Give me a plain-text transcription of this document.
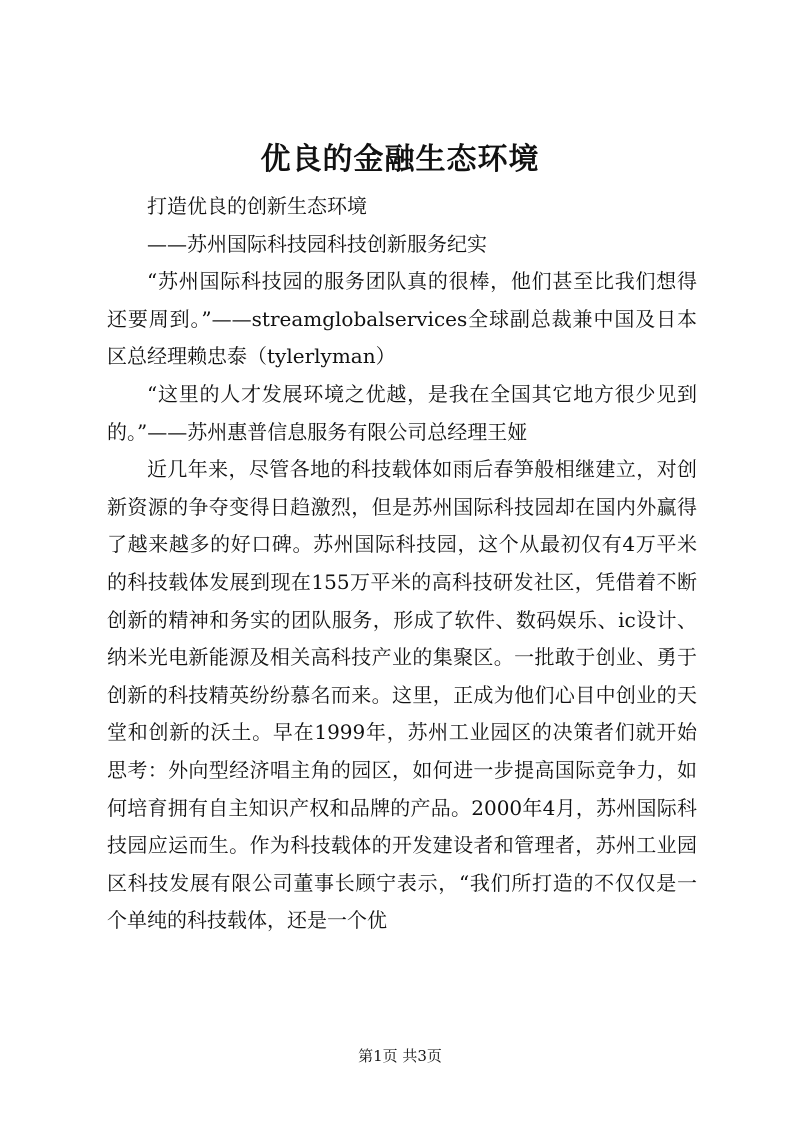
优良的金融生态环境

打造优良的创新生态环境

——苏州国际科技园科技创新服务纪实

“苏州国际科技园的服务团队真的很棒，他们甚至比我们想得还要周到。”——streamglobalservices全球副总裁兼中国及日本区总经理赖忠泰（tylerlyman）

“这里的人才发展环境之优越，是我在全国其它地方很少见到的。”——苏州惠普信息服务有限公司总经理王娅

近几年来，尽管各地的科技载体如雨后春笋般相继建立，对创新资源的争夺变得日趋激烈，但是苏州国际科技园却在国内外赢得了越来越多的好口碑。苏州国际科技园，这个从最初仅有4万平米的科技载体发展到现在155万平米的高科技研发社区，凭借着不断创新的精神和务实的团队服务，形成了软件、数码娱乐、ic设计、纳米光电新能源及相关高科技产业的集聚区。一批敢于创业、勇于创新的科技精英纷纷慕名而来。这里，正成为他们心目中创业的天堂和创新的沃土。早在1999年，苏州工业园区的决策者们就开始思考：外向型经济唱主角的园区，如何进一步提高国际竞争力，如何培育拥有自主知识产权和品牌的产品。2000年4月，苏州国际科技园应运而生。作为科技载体的开发建设者和管理者，苏州工业园区科技发展有限公司董事长顾宁表示，“我们所打造的不仅仅是一个单纯的科技载体，还是一个优

第1页 共3页
